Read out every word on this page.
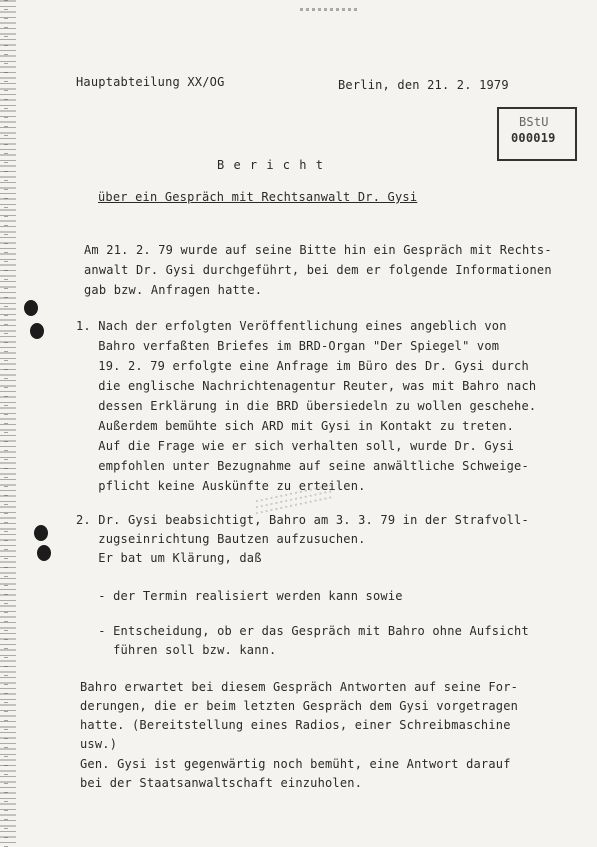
Hauptabteilung XX/OG	Berlin, den 21. 2. 1979
BStU
000019
B e r i c h t
über ein Gespräch mit Rechtsanwalt Dr. Gysi
Am 21. 2. 79 wurde auf seine Bitte hin ein Gespräch mit Rechts-
anwalt Dr. Gysi durchgeführt, bei dem er folgende Informationen
gab bzw. Anfragen hatte.
1. Nach der erfolgten Veröffentlichung eines angeblich von
Bahro verfaßten Briefes im BRD-Organ "Der Spiegel" vom
19. 2. 79 erfolgte eine Anfrage im Büro des Dr. Gysi durch
die englische Nachrichtenagentur Reuter, was mit Bahro nach
dessen Erklärung in die BRD übersiedeln zu wollen geschehe.
Außerdem bemühte sich ARD mit Gysi in Kontakt zu treten.
Auf die Frage wie er sich verhalten soll, wurde Dr. Gysi
empfohlen unter Bezugnahme auf seine anwältliche Schweige-
pflicht keine Auskünfte zu erteilen.
2. Dr. Gysi beabsichtigt, Bahro am 3. 3. 79 in der Strafvoll-
zugseinrichtung Bautzen aufzusuchen.
Er bat um Klärung, daß
- der Termin realisiert werden kann sowie
- Entscheidung, ob er das Gespräch mit Bahro ohne Aufsicht
führen soll bzw. kann.
Bahro erwartet bei diesem Gespräch Antworten auf seine For-
derungen, die er beim letzten Gespräch dem Gysi vorgetragen
hatte. (Bereitstellung eines Radios, einer Schreibmaschine
usw.)
Gen. Gysi ist gegenwärtig noch bemüht, eine Antwort darauf
bei der Staatsanwaltschaft einzuholen.
